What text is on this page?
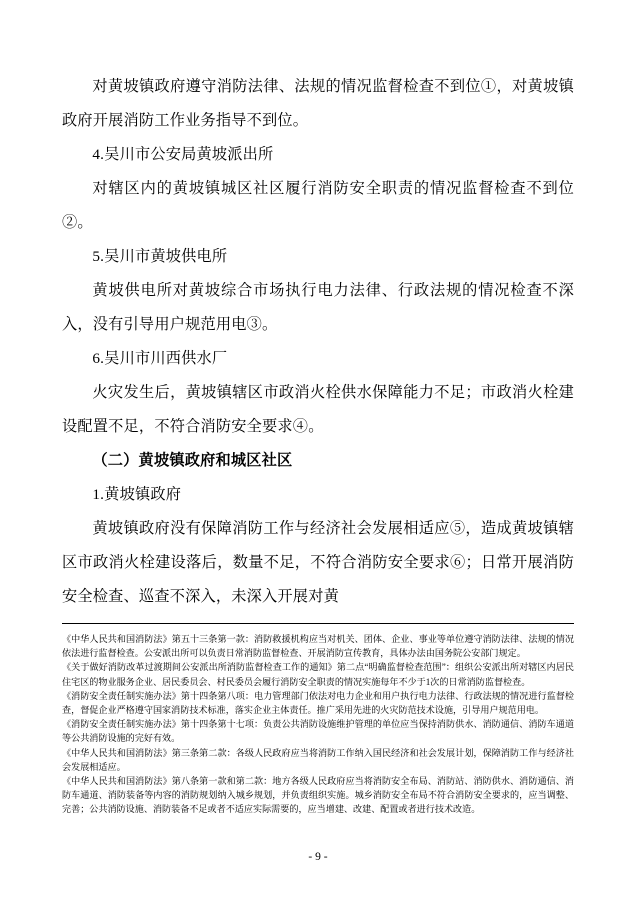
对黄坡镇政府遵守消防法律、法规的情况监督检查不到位①，对黄坡镇政府开展消防工作业务指导不到位。

4.吴川市公安局黄坡派出所

对辖区内的黄坡镇城区社区履行消防安全职责的情况监督检查不到位②。

5.吴川市黄坡供电所

黄坡供电所对黄坡综合市场执行电力法律、行政法规的情况检查不深入，没有引导用户规范用电③。

6.吴川市川西供水厂

火灾发生后，黄坡镇辖区市政消火栓供水保障能力不足；市政消火栓建设配置不足，不符合消防安全要求④。

（二）黄坡镇政府和城区社区

1.黄坡镇政府

黄坡镇政府没有保障消防工作与经济社会发展相适应⑤，造成黄坡镇辖区市政消火栓建设落后，数量不足，不符合消防安全要求⑥；日常开展消防安全检查、巡查不深入，未深入开展对黄

《中华人民共和国消防法》第五十三条第一款：消防救援机构应当对机关、团体、企业、事业等单位遵守消防法律、法规的情况依法进行监督检查。公安派出所可以负责日常消防监督检查、开展消防宣传教育，具体办法由国务院公安部门规定。

《关于做好消防改革过渡期间公安派出所消防监督检查工作的通知》第二点“明确监督检查范围”：组织公安派出所对辖区内居民住宅区的物业服务企业、居民委员会、村民委员会履行消防安全职责的情况实施每年不少于1次的日常消防监督检查。

《消防安全责任制实施办法》第十四条第八项：电力管理部门依法对电力企业和用户执行电力法律、行政法规的情况进行监督检查，督促企业严格遵守国家消防技术标准，落实企业主体责任。推广采用先进的火灾防范技术设施，引导用户规范用电。

《消防安全责任制实施办法》第十四条第十七项：负责公共消防设施维护管理的单位应当保持消防供水、消防通信、消防车通道等公共消防设施的完好有效。

《中华人民共和国消防法》第三条第二款：各级人民政府应当将消防工作纳入国民经济和社会发展计划，保障消防工作与经济社会发展相适应。

《中华人民共和国消防法》第八条第一款和第二款：地方各级人民政府应当将消防安全布局、消防站、消防供水、消防通信、消防车通道、消防装备等内容的消防规划纳入城乡规划，并负责组织实施。城乡消防安全布局不符合消防安全要求的，应当调整、完善；公共消防设施、消防装备不足或者不适应实际需要的，应当增建、改建、配置或者进行技术改造。

- 9 -
